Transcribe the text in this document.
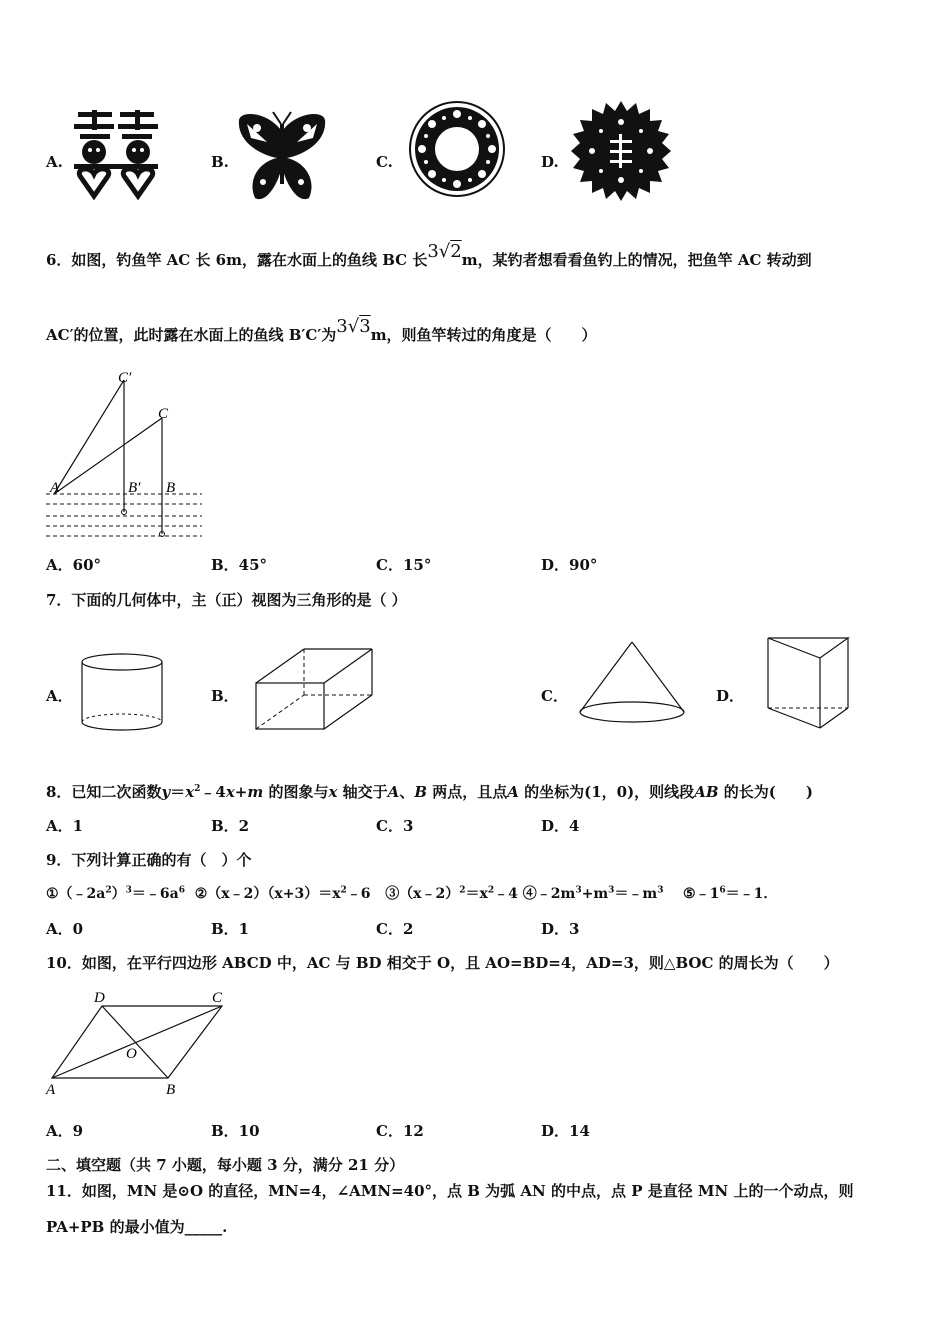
A.	B.	C.	D.
6．如图，钓鱼竿 AC 长 6m，露在水面上的鱼线 BC 长3√2m，某钓者想看看鱼钓上的情况，把鱼竿 AC 转动到
AC′的位置，此时露在水面上的鱼线 B′C′为3√3m，则鱼竿转过的角度是（　　）
C′
C
A	B′ B
A．60°	B．45°	C．15°	D．90°
7．下面的几何体中，主（正）视图为三角形的是（ ）
A．	B．	C．	D．
8．已知二次函数$y=x^2﹣4x+m$ 的图象与x 轴交于A、B 两点，且点A 的坐标为(1，0)，则线段AB 的长为(　　)
A．1	B．2	C．3	D．4
9．下列计算正确的有（　）个
$①(﹣2a^2)^3=﹣6a^6$ $②(x﹣2)(x+3)=x^2﹣6$ $③(x﹣2)^2=x^2﹣4$ $④﹣2m^3+m^3=﹣m^3$ $⑤﹣1^6=﹣1$．
A．0	B．1	C．2	D．3
10．如图，在平行四边形 ABCD 中，AC 与 BD 相交于 O，且 AO=BD=4，AD=3，则△BOC 的周长为（　　）
D	C
O
A	B
A．9	B．10	C．12	D．14
二、填空题（共 7 小题，每小题 3 分，满分 21 分）
11．如图，MN 是⊙O 的直径，MN=4，∠AMN=40°，点 B 为弧 AN 的中点，点 P 是直径 MN 上的一个动点，则
PA+PB 的最小值为_____.
